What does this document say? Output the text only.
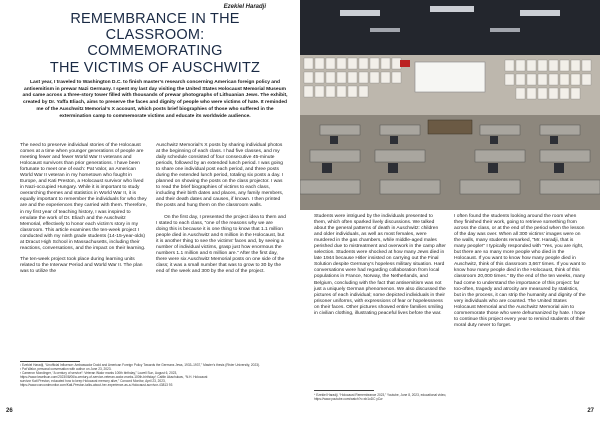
Ezekiel Haradji
REMEMBRANCE IN THE CLASSROOM:
COMMEMORATING
THE VICTIMS OF AUSCHWITZ
Last year, I traveled to Washington D.C. to finish master’s research concerning American foreign policy and antisemitism in prewar Nazi Germany. I spent my last day visiting the United States Holocaust Memorial Museum and came across a three-story tower filled with thousands of prewar photographs of Lithuanian Jews. The exhibit, created by Dr. Yaffa Eliach, aims to preserve the faces and dignity of people who were victims of hate. It reminded me of the Auschwitz Memorial’s X account, which posts brief biographies of those who suffered in the extermination camp to commemorate victims and educate its worldwide audience.

The need to preserve individual stories of the Holocaust comes at a time when younger generations of people are meeting fewer and fewer World War II veterans and Holocaust survivors than prior generations. I have been fortunate to meet one of each: Pat Valor, an American World War II veteran in my hometown who fought in Europe, and Kati Preston, a Holocaust survivor who lived in Nazi-occupied Hungary. While it is important to study overarching themes and statistics in World War II, it is equally important to remember the individuals for who they are and the experiences they carried with them. Therefore, in my first year of teaching history, I was inspired to emulate the work of Dr. Eliach and the Auschwitz Memorial, effectively to honor each victim’s story in my classroom. This article examines the ten-week project I conducted with my ninth grade students (14-15-year-olds) at Dracut High School in Massachusetts, including their reactions, conversations, and the impact on their learning.

The ten-week project took place during learning units related to the Interwar Period and World War II. The plan was to utilize the

Auschwitz Memorial’s X posts by sharing individual photos at the beginning of each class. I had five classes, and my daily schedule consisted of four consecutive 45-minute periods, followed by an extended lunch period. I was going to share one individual post each period, and three posts during the extended lunch period, totaling six posts a day. I planned on showing the posts on the class projector. I was to read the brief biographies of victims to each class, including their birth dates and places, any family members, and their death dates and causes, if known. I then printed the posts and hung them on the classroom walls.

On the first day, I presented the project idea to them and I stated to each class, “one of the reasons why we are doing this is because it is one thing to know that 1.1 million people died in Auschwitz and 6 million in the Holocaust, but it is another thing to see the victims’ faces and, by seeing a number of individual victims, grasp just how enormous the numbers 1.1 million and 6 million are.” After the first day, there were six Auschwitz Memorial posts on one side of the class; it was a small number that was to grow to 30 by the end of the week and 300 by the end of the project.

¹ Ezekiel Haradji, “Unofficial Influence: Ambassador Dodd and American Foreign Policy Towards the Germans Jews, 1933–1937,” Master’s thesis (Rivier University, 2023).
² Pat Walor, personal conversation with author on June 23, 2023.
³ Cameron Mondinger, “A century of service”: Veteran Walor marks 100th birthday,” Lowell Sun, August 6, 2023,
https://www.lowellsun.com/2023/08/06/a-century-of-service-veteran-walor-marks-100th-birthday/; Caitlin Akachukwu, “N.H. Holocaust
survivor Kati Preston, educated how to keep Holocaust memory alive,” Concord Monitor, April 23, 2023,
https://www.concordmonitor.com/Kati-Preston-talks-about-her-experience-as-a-Holocaust-survivor-43813 93
26

Students were intrigued by the individuals presented to them, which often sparked lively discussions. We talked about the general patterns of death in Auschwitz: children and older individuals, as well as most females, were murdered in the gas chambers, while middle-aged males perished due to mistreatment and overwork in the camp after selection. Students were shocked at how many Jews died in late 1944 because Hitler insisted on carrying out the Final Solution despite Germany’s hopeless military situation. Hard conversations were had regarding collaboration from local populations in France, Norway, the Netherlands, and Belgium, concluding with the fact that antisemitism was not just a uniquely German phenomenon. We also discussed the pictures of each individual; some depicted individuals in their prisoner uniforms, with expressions of fear or hopelessness on their faces. Other pictures showed entire families smiling in civilian clothing, illustrating peaceful lives before the war.

I often found the students looking around the room when they finished their work, going to retrieve something from across the class, or at the end of the period when the lesson of the day was over. When all 300 victims’ images were on the walls, many students remarked, “Mr. Haradji, that is many people!” I typically responded with “Yes, you are right, but there are so many more people who died in the Holocaust. If you want to know how many people died in Auschwitz, think of this classroom 3,667 times. If you want to know how many people died in the Holocaust, think of this classroom 20,000 times.” By the end of the ten weeks, many had come to understand the importance of this project: far too-often, tragedy and atrocity are measured by statistics, but in the process, it can strip the humanity and dignity of the very individuals who are counted. The United States Holocaust Memorial and the Auschwitz Memorial aim to commemorate those who were dehumanized by hate. I hope to continue this project every year to remind students of their moral duty never to forget.

⁴ Ezekiel Haradji, “Holocaust Remembrance 2023,” Youtube, June 8, 2023, educational video,
https://www.youtube.com/watch?v=xb1oDC yCw
27
